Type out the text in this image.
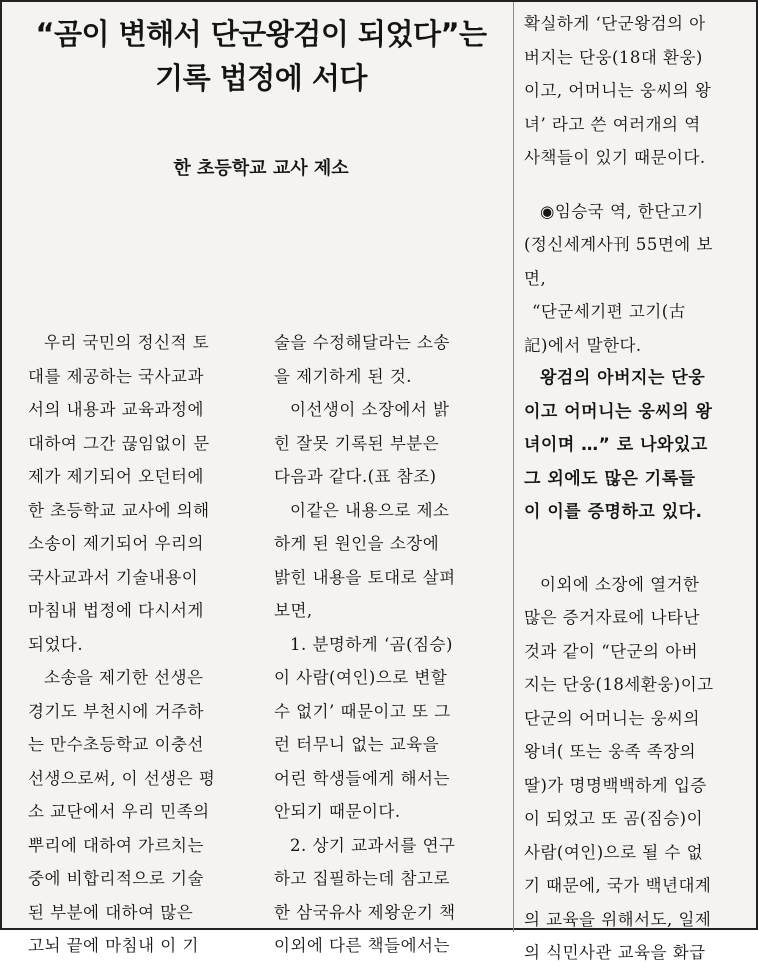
“곰이 변해서 단군왕검이 되었다”는
기록 법정에 서다
한 초등학교 교사 제소
우리 국민의 정신적 토
대를 제공하는 국사교과
서의 내용과 교육과정에
대하여 그간 끊임없이 문
제가 제기되어 오던터에
한 초등학교 교사에 의해
소송이 제기되어 우리의
국사교과서 기술내용이
마침내 법정에 다시서게
되었다.
소송을 제기한 선생은
경기도 부천시에 거주하
는 만수초등학교 이충선
선생으로써, 이 선생은 평
소 교단에서 우리 민족의
뿌리에 대하여 가르치는
중에 비합리적으로 기술
된 부분에 대하여 많은
고뇌 끝에 마침내 이 기
술을 수정해달라는 소송
을 제기하게 된 것.
이선생이 소장에서 밝
힌 잘못 기록된 부분은
다음과 같다.(표 참조)
이같은 내용으로 제소
하게 된 원인을 소장에
밝힌 내용을 토대로 살펴
보면,
1. 분명하게 ‘곰(짐승)
이 사람(여인)으로 변할
수 없기’ 때문이고 또 그
런 터무니 없는 교육을
어린 학생들에게 해서는
안되기 때문이다.
2. 상기 교과서를 연구
하고 집필하는데 참고로
한 삼국유사 제왕운기 책
이외에 다른 책들에서는
확실하게 ‘단군왕검의 아
버지는 단웅(18대 환웅)
이고, 어머니는 웅씨의 왕
녀’ 라고 쓴 여러개의 역
사책들이 있기 때문이다.
◉임승국 역, 한단고기
(정신세계사刊 55면에 보
면,
“단군세기편 고기(古
記)에서 말한다.
왕검의 아버지는 단웅
이고 어머니는 웅씨의 왕
녀이며 …” 로 나와있고
그 외에도 많은 기록들
이 이를 증명하고 있다.
이외에 소장에 열거한
많은 증거자료에 나타난
것과 같이 “단군의 아버
지는 단웅(18세환웅)이고
단군의 어머니는 웅씨의
왕녀( 또는 웅족 족장의
딸)가 명명백백하게 입증
이 되었고 또 곰(짐승)이
사람(여인)으로 될 수 없
기 때문에, 국가 백년대계
의 교육을 위해서도, 일제
의 식민사관 교육을 화급
